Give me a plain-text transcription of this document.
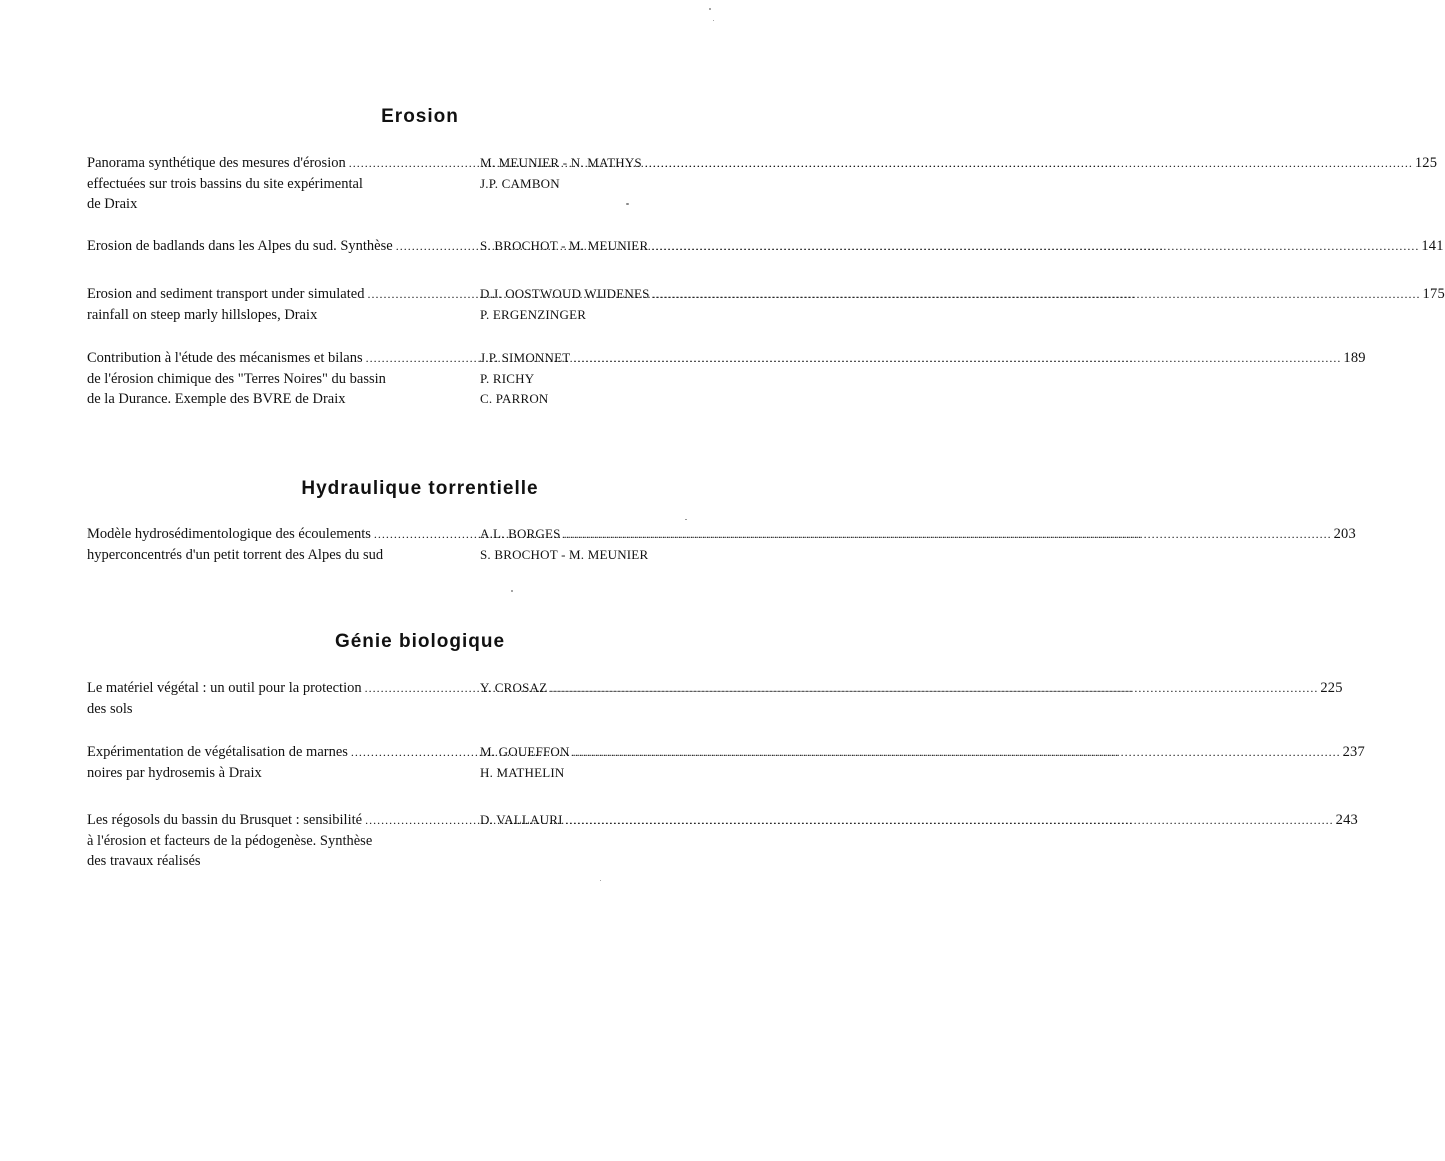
Erosion
Panorama synthétique des mesures d'érosion .....	M. MEUNIER - N. MATHYS .....	125
effectuées sur trois bassins du site expérimental	J.P. CAMBON
de Draix
Erosion de badlands dans les Alpes du sud. Synthèse .....	S. BROCHOT - M. MEUNIER .....	141
Erosion and sediment transport under simulated .....	D.J. OOSTWOUD WIJDENES .....	175
rainfall on steep marly hillslopes, Draix	P. ERGENZINGER
Contribution à l'étude des mécanismes et bilans .....	J.P. SIMONNET .....	189
de l'érosion chimique des "Terres Noires" du bassin	P. RICHY
de la Durance. Exemple des BVRE de Draix	C. PARRON
Hydraulique torrentielle
Modèle hydrosédimentologique des écoulements .....	A.L. BORGES .....	203
hyperconcentrés d'un petit torrent des Alpes du sud	S. BROCHOT - M. MEUNIER
Génie biologique
Le matériel végétal : un outil pour la protection .....	Y. CROSAZ .....	225
des sols
Expérimentation de végétalisation de marnes .....	M. GOUEFFON .....	237
noires par hydrosemis à Draix	H. MATHELIN
Les régosols du bassin du Brusquet : sensibilité .....	D. VALLAURI .....	243
à l'érosion et facteurs de la pédogenèse. Synthèse
des travaux réalisés
